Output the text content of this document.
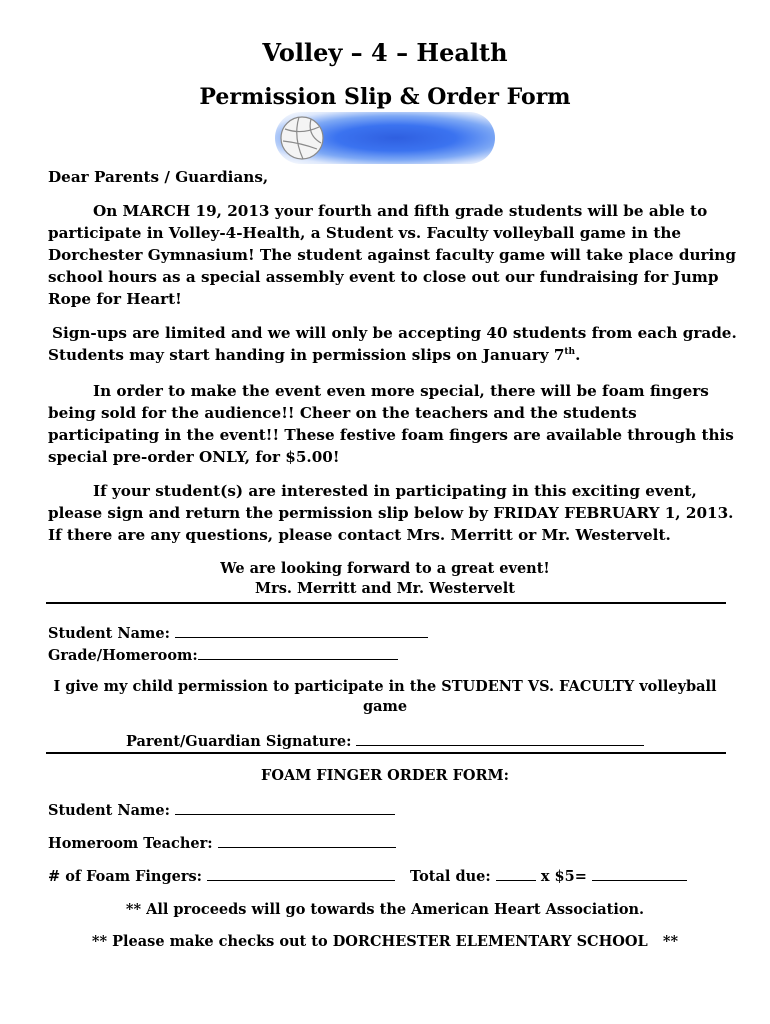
Volley – 4 – Health
Permission Slip & Order Form
Dear Parents / Guardians,
On MARCH 19, 2013 your fourth and fifth grade students will be able to
participate in Volley-4-Health, a Student vs. Faculty volleyball game in the
Dorchester Gymnasium! The student against faculty game will take place during
school hours as a special assembly event to close out our fundraising for Jump
Rope for Heart!
Sign-ups are limited and we will only be accepting 40 students from each grade.
Students may start handing in permission slips on January 7th.
In order to make the event even more special, there will be foam fingers
being sold for the audience!! Cheer on the teachers and the students
participating in the event!! These festive foam fingers are available through this
special pre-order ONLY, for $5.00!
If your student(s) are interested in participating in this exciting event,
please sign and return the permission slip below by FRIDAY FEBRUARY 1, 2013.
If there are any questions, please contact Mrs. Merritt or Mr. Westervelt.
We are looking forward to a great event!
Mrs. Merritt and Mr. Westervelt
Student Name:
Grade/Homeroom:
I give my child permission to participate in the STUDENT VS. FACULTY volleyball
game
Parent/Guardian Signature:
FOAM FINGER ORDER FORM:
Student Name:
Homeroom Teacher:
# of Foam Fingers:	Total due:	x $5=
** All proceeds will go towards the American Heart Association.
** Please make checks out to DORCHESTER ELEMENTARY SCHOOL   **
